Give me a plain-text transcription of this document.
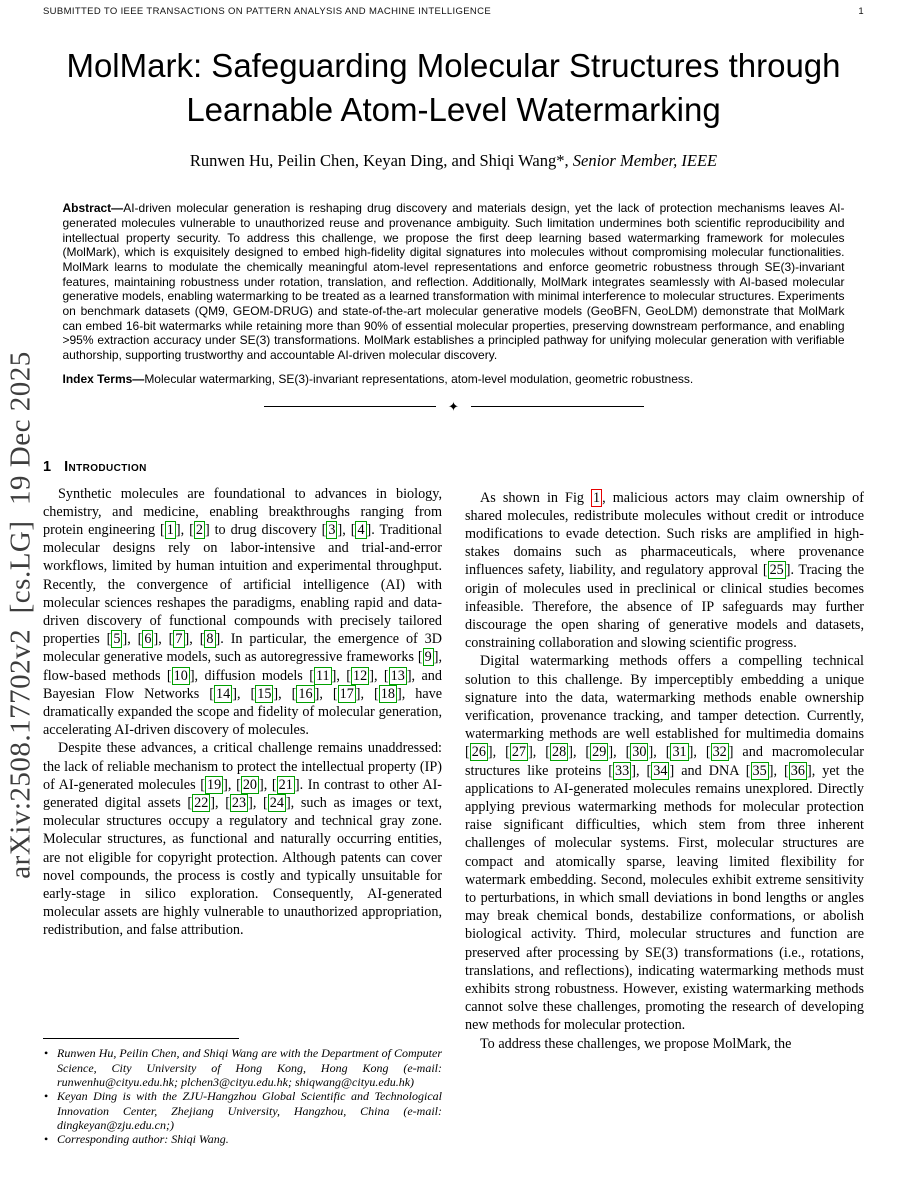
SUBMITTED TO IEEE TRANSACTIONS ON PATTERN ANALYSIS AND MACHINE INTELLIGENCE	1
arXiv:2508.17702v2  [cs.LG]  19 Dec 2025
MolMark: Safeguarding Molecular Structures through Learnable Atom-Level Watermarking
Runwen Hu, Peilin Chen, Keyan Ding, and Shiqi Wang*, Senior Member, IEEE
Abstract—AI-driven molecular generation is reshaping drug discovery and materials design, yet the lack of protection mechanisms leaves AI-generated molecules vulnerable to unauthorized reuse and provenance ambiguity. Such limitation undermines both scientific reproducibility and intellectual property security. To address this challenge, we propose the first deep learning based watermarking framework for molecules (MolMark), which is exquisitely designed to embed high-fidelity digital signatures into molecules without compromising molecular functionalities. MolMark learns to modulate the chemically meaningful atom-level representations and enforce geometric robustness through SE(3)-invariant features, maintaining robustness under rotation, translation, and reflection. Additionally, MolMark integrates seamlessly with AI-based molecular generative models, enabling watermarking to be treated as a learned transformation with minimal interference to molecular structures. Experiments on benchmark datasets (QM9, GEOM-DRUG) and state-of-the-art molecular generative models (GeoBFN, GeoLDM) demonstrate that MolMark can embed 16-bit watermarks while retaining more than 90% of essential molecular properties, preserving downstream performance, and enabling >95% extraction accuracy under SE(3) transformations. MolMark establishes a principled pathway for unifying molecular generation with verifiable authorship, supporting trustworthy and accountable AI-driven molecular discovery.
Index Terms—Molecular watermarking, SE(3)-invariant representations, atom-level modulation, geometric robustness.
✦
1 Introduction

Synthetic molecules are foundational to advances in biology, chemistry, and medicine, enabling breakthroughs ranging from protein engineering [ 1 ], [ 2 ] to drug discovery [ 3 ], [ 4 ]. Traditional molecular designs rely on labor-intensive and trial-and-error workflows, limited by human intuition and experimental throughput. Recently, the convergence of artificial intelligence (AI) with molecular sciences reshapes the paradigms, enabling rapid and data-driven discovery of functional compounds with precisely tailored properties [ 5 ], [ 6 ], [ 7 ], [ 8 ]. In particular, the emergence of 3D molecular generative models, such as autoregressive frameworks [ 9 ], flow-based methods [ 10 ], diffusion models [ 11 ], [ 12 ], [ 13 ], and Bayesian Flow Networks [ 14 ], [ 15 ], [ 16 ], [ 17 ], [ 18 ], have dramatically expanded the scope and fidelity of molecular generation, accelerating AI-driven discovery of molecules.

Despite these advances, a critical challenge remains unaddressed: the lack of reliable mechanism to protect the intellectual property (IP) of AI-generated molecules [ 19 ], [ 20 ], [ 21 ]. In contrast to other AI-generated digital assets [ 22 ], [ 23 ], [ 24 ], such as images or text, molecular structures occupy a regulatory and technical gray zone. Molecular structures, as functional and naturally occurring entities, are not eligible for copyright protection. Although patents can cover novel compounds, the process is costly and typically unsuitable for early-stage in silico exploration. Consequently, AI-generated molecular assets are highly vulnerable to unauthorized appropriation, redistribution, and false attribution.

• Runwen Hu, Peilin Chen, and Shiqi Wang are with the Department of Computer Science, City University of Hong Kong, Hong Kong (e-mail: runwenhu@cityu.edu.hk; plchen3@cityu.edu.hk; shiqwang@cityu.edu.hk)
• Keyan Ding is with the ZJU-Hangzhou Global Scientific and Technological Innovation Center, Zhejiang University, Hangzhou, China (e-mail: dingkeyan@zju.edu.cn;)
• Corresponding author: Shiqi Wang.

As shown in Fig 1 , malicious actors may claim ownership of shared molecules, redistribute molecules without credit or introduce modifications to evade detection. Such risks are amplified in high-stakes domains such as pharmaceuticals, where provenance influences safety, liability, and regulatory approval [ 25 ]. Tracing the origin of molecules used in preclinical or clinical studies becomes infeasible. Therefore, the absence of IP safeguards may further discourage the open sharing of generative models and datasets, constraining collaboration and slowing scientific progress.

Digital watermarking methods offers a compelling technical solution to this challenge. By imperceptibly embedding a unique signature into the data, watermarking methods enable ownership verification, provenance tracking, and tamper detection. Currently, watermarking methods are well established for multimedia domains [ 26 ], [ 27 ], [ 28 ], [ 29 ], [ 30 ], [ 31 ], [ 32 ] and macromolecular structures like proteins [ 33 ], [ 34 ] and DNA [ 35 ], [ 36 ], yet the applications to AI-generated molecules remains unexplored. Directly applying previous watermarking methods for molecular protection raise significant difficulties, which stem from three inherent challenges of molecular systems. First, molecular structures are compact and atomically sparse, leaving limited flexibility for watermark embedding. Second, molecules exhibit extreme sensitivity to perturbations, in which small deviations in bond lengths or angles may break chemical bonds, destabilize conformations, or abolish biological activity. Third, molecular structures and function are preserved after processing by SE(3) transformations (i.e., rotations, translations, and reflections), indicating watermarking methods must exhibits strong robustness. However, existing watermarking methods cannot solve these challenges, promoting the research of developing new methods for molecular protection.

To address these challenges, we propose MolMark, the
